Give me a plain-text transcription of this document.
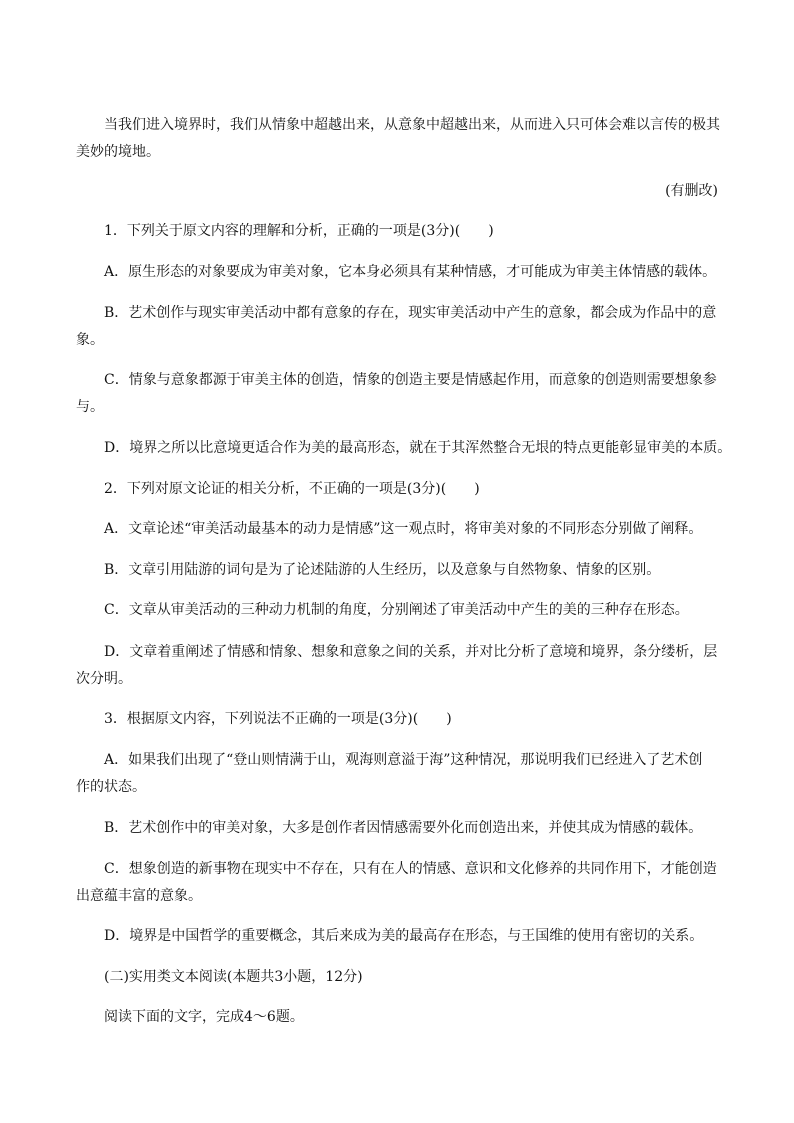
当我们进入境界时，我们从情象中超越出来，从意象中超越出来，从而进入只可体会难以言传的极其
美妙的境地。
(有删改)
1．下列关于原文内容的理解和分析，正确的一项是(3分)(　　)
A．原生形态的对象要成为审美对象，它本身必须具有某种情感，才可能成为审美主体情感的载体。
B．艺术创作与现实审美活动中都有意象的存在，现实审美活动中产生的意象，都会成为作品中的意
象。
C．情象与意象都源于审美主体的创造，情象的创造主要是情感起作用，而意象的创造则需要想象参
与。
D．境界之所以比意境更适合作为美的最高形态，就在于其浑然整合无垠的特点更能彰显审美的本质。
2．下列对原文论证的相关分析，不正确的一项是(3分)(　　)
A．文章论述“审美活动最基本的动力是情感”这一观点时，将审美对象的不同形态分别做了阐释。
B．文章引用陆游的词句是为了论述陆游的人生经历，以及意象与自然物象、情象的区别。
C．文章从审美活动的三种动力机制的角度，分别阐述了审美活动中产生的美的三种存在形态。
D．文章着重阐述了情感和情象、想象和意象之间的关系，并对比分析了意境和境界，条分缕析，层
次分明。
3．根据原文内容，下列说法不正确的一项是(3分)(　　)
A．如果我们出现了“登山则情满于山，观海则意溢于海”这种情况，那说明我们已经进入了艺术创
作的状态。
B．艺术创作中的审美对象，大多是创作者因情感需要外化而创造出来，并使其成为情感的载体。
C．想象创造的新事物在现实中不存在，只有在人的情感、意识和文化修养的共同作用下，才能创造
出意蕴丰富的意象。
D．境界是中国哲学的重要概念，其后来成为美的最高存在形态，与王国维的使用有密切的关系。
(二)实用类文本阅读(本题共3小题，12分)
阅读下面的文字，完成4～6题。
